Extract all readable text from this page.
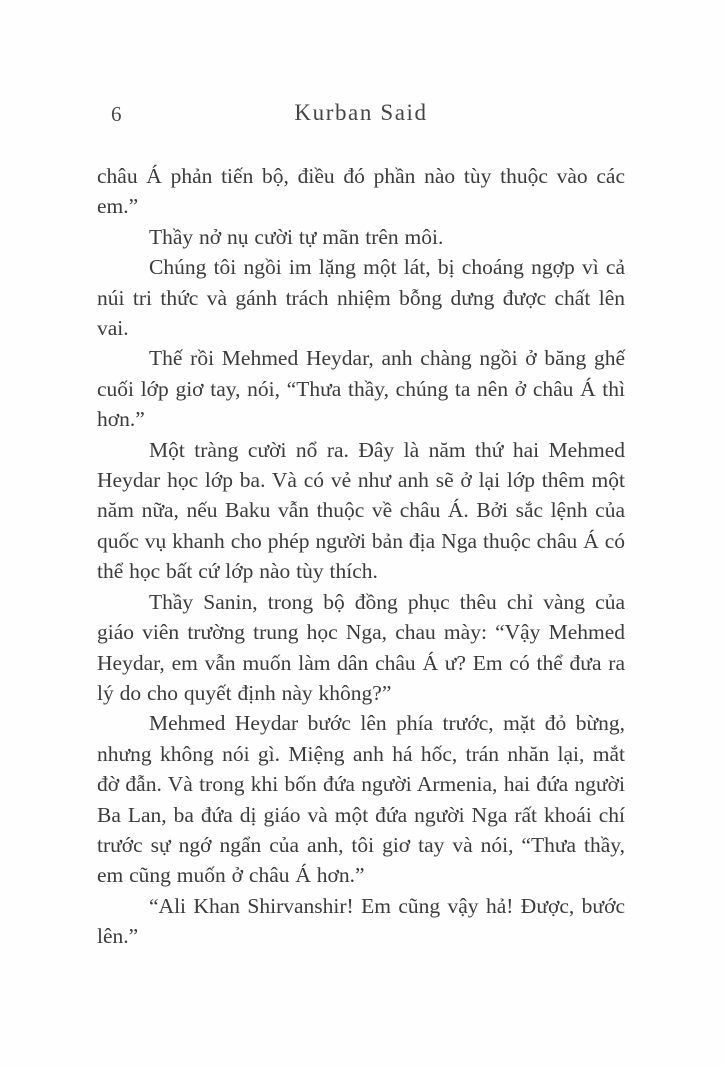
6	Kurban Said

châu Á phản tiến bộ, điều đó phần nào tùy thuộc vào các em.”

Thầy nở nụ cười tự mãn trên môi.

Chúng tôi ngồi im lặng một lát, bị choáng ngợp vì cả núi tri thức và gánh trách nhiệm bỗng dưng được chất lên vai.

Thế rồi Mehmed Heydar, anh chàng ngồi ở băng ghế cuối lớp giơ tay, nói, “Thưa thầy, chúng ta nên ở châu Á thì hơn.”

Một tràng cười nổ ra. Đây là năm thứ hai Mehmed Heydar học lớp ba. Và có vẻ như anh sẽ ở lại lớp thêm một năm nữa, nếu Baku vẫn thuộc về châu Á. Bởi sắc lệnh của quốc vụ khanh cho phép người bản địa Nga thuộc châu Á có thể học bất cứ lớp nào tùy thích.

Thầy Sanin, trong bộ đồng phục thêu chỉ vàng của giáo viên trường trung học Nga, chau mày: “Vậy Mehmed Heydar, em vẫn muốn làm dân châu Á ư? Em có thể đưa ra lý do cho quyết định này không?”

Mehmed Heydar bước lên phía trước, mặt đỏ bừng, nhưng không nói gì. Miệng anh há hốc, trán nhăn lại, mắt đờ đẫn. Và trong khi bốn đứa người Armenia, hai đứa người Ba Lan, ba đứa dị giáo và một đứa người Nga rất khoái chí trước sự ngớ ngẩn của anh, tôi giơ tay và nói, “Thưa thầy, em cũng muốn ở châu Á hơn.”

“Ali Khan Shirvanshir! Em cũng vậy hả! Được, bước lên.”
